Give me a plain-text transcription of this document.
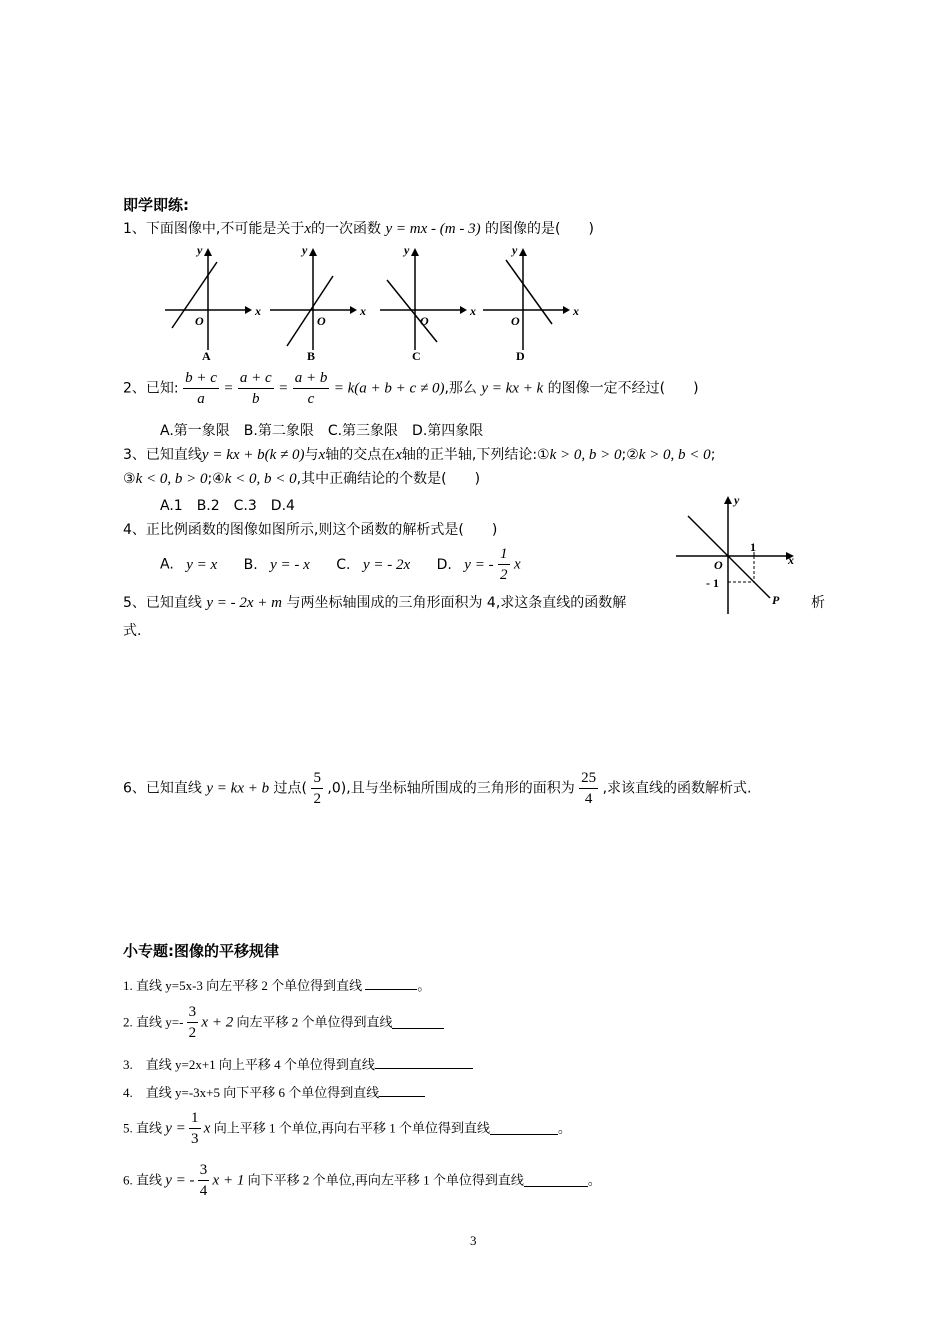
即学即练:
1、下面图像中,不可能是关于x的一次函数 y = mx - (m - 3) 的图像的是(　　)
x
y
O
A
x
y
O
B
x
y
O
C
x
y
O
D
2、已知: $\frac{b + c}{a} = \frac{a + c}{b} = \frac{a + b}{c} = k(a + b + c \ne 0)$,那么 y = kx + k 的图像一定不经过(　　)
A.第一象限　B.第二象限　C.第三象限　D.第四象限
3、已知直线y = kx + b(k ≠ 0)与x轴的交点在x轴的正半轴,下列结论:①k > 0, b > 0;②k > 0, b < 0;
③k < 0, b > 0;④k < 0, b < 0,其中正确结论的个数是(　　)
A.1　B.2　C.3　D.4
4、正比例函数的图像如图所示,则这个函数的解析式是(　　)
A. y = x B. y = - x C. y = - 2x D. y = - $\frac{1}{2}$ x
y
x
O
1
- 1
P
5、已知直线 y = - 2x + m 与两坐标轴围成的三角形面积为 4,求这条直线的函数解	析
式.
6、已知直线 y = kx + b 过点( $\frac{5}{2} ,0$),且与坐标轴所围成的三角形的面积为 $\frac{25}{4}$ ,求该直线的函数解析式.
小专题:图像的平移规律
1. 直线 y=5x-3 向左平移 2 个单位得到直线	。
2. 直线 $y=- \frac{3}{2}$ x + 2 向左平移 2 个单位得到直线
3.　直线 y=2x+1 向上平移 4 个单位得到直线
4.　直线 y=-3x+5 向下平移 6 个单位得到直线
5. 直线 $y = \frac{1}{3}$ x 向上平移 1 个单位,再向右平移 1 个单位得到直线	。
6. 直线 y = - $\frac{3}{4}$ x + 1 向下平移 2 个单位,再向左平移 1 个单位得到直线	。
3
